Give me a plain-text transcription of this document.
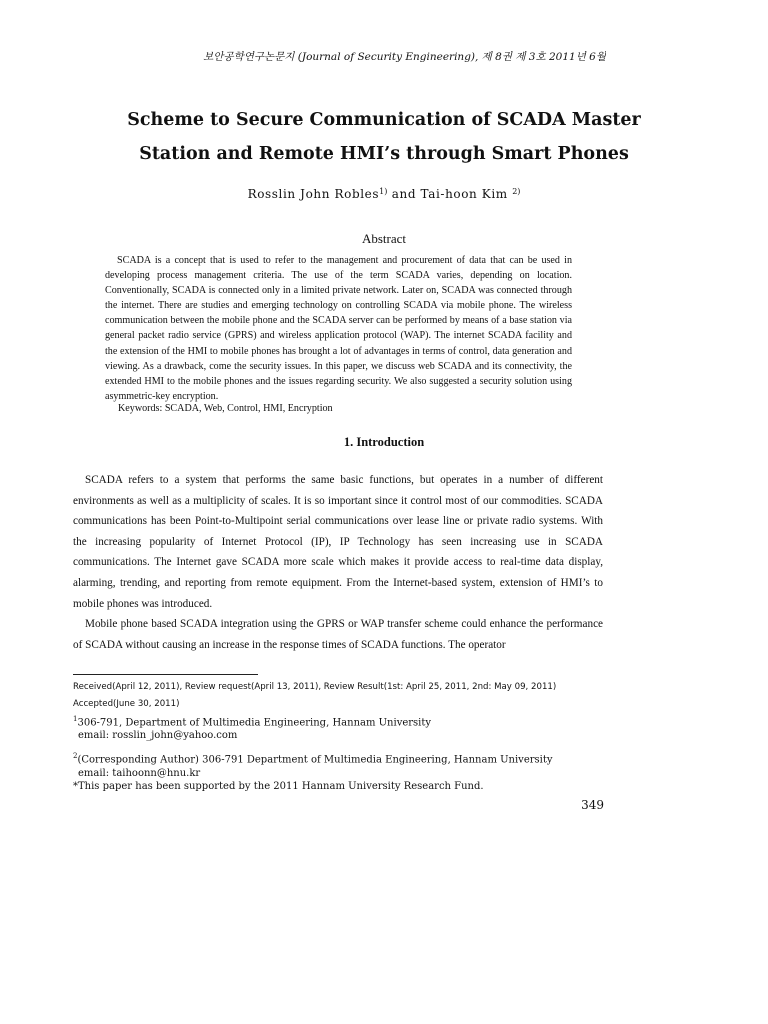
보안공학연구논문지 (Journal of Security Engineering), 제 8권 제 3호 2011년 6월
Scheme to Secure Communication of SCADA Master
Station and Remote HMI’s through Smart Phones
Rosslin John Robles$^{1)}$ and Tai-hoon Kim $^{2)}$
Abstract
SCADA is a concept that is used to refer to the management and procurement of data that can be used in developing process management criteria. The use of the term SCADA varies, depending on location. Conventionally, SCADA is connected only in a limited private network. Later on, SCADA was connected through the internet. There are studies and emerging technology on controlling SCADA via mobile phone. The wireless communication between the mobile phone and the SCADA server can be performed by means of a base station via general packet radio service (GPRS) and wireless application protocol (WAP). The internet SCADA facility and the extension of the HMI to mobile phones has brought a lot of advantages in terms of control, data generation and viewing. As a drawback, come the security issues. In this paper, we discuss web SCADA and its connectivity, the extended HMI to the mobile phones and the issues regarding security. We also suggested a security solution using asymmetric-key encryption.
Keywords: SCADA, Web, Control, HMI, Encryption
1. Introduction

SCADA refers to a system that performs the same basic functions, but operates in a number of different environments as well as a multiplicity of scales. It is so important since it control most of our commodities. SCADA communications has been Point-to-Multipoint serial communications over lease line or private radio systems. With the increasing popularity of Internet Protocol (IP), IP Technology has seen increasing use in SCADA communications. The Internet gave SCADA more scale which makes it provide access to real-time data display, alarming, trending, and reporting from remote equipment. From the Internet-based system, extension of HMI’s to mobile phones was introduced.

Mobile phone based SCADA integration using the GPRS or WAP transfer scheme could enhance the performance of SCADA without causing an increase in the response times of SCADA functions. The operator

Received(April 12, 2011), Review request(April 13, 2011), Review Result(1st: April 25, 2011, 2nd: May 09, 2011)
Accepted(June 30, 2011)
$^1$306-791, Department of Multimedia Engineering, Hannam University
email: rosslin_john@yahoo.com
$^2$(Corresponding Author) 306-791 Department of Multimedia Engineering, Hannam University
email: taihoonn@hnu.kr
*This paper has been supported by the 2011 Hannam University Research Fund.
349
